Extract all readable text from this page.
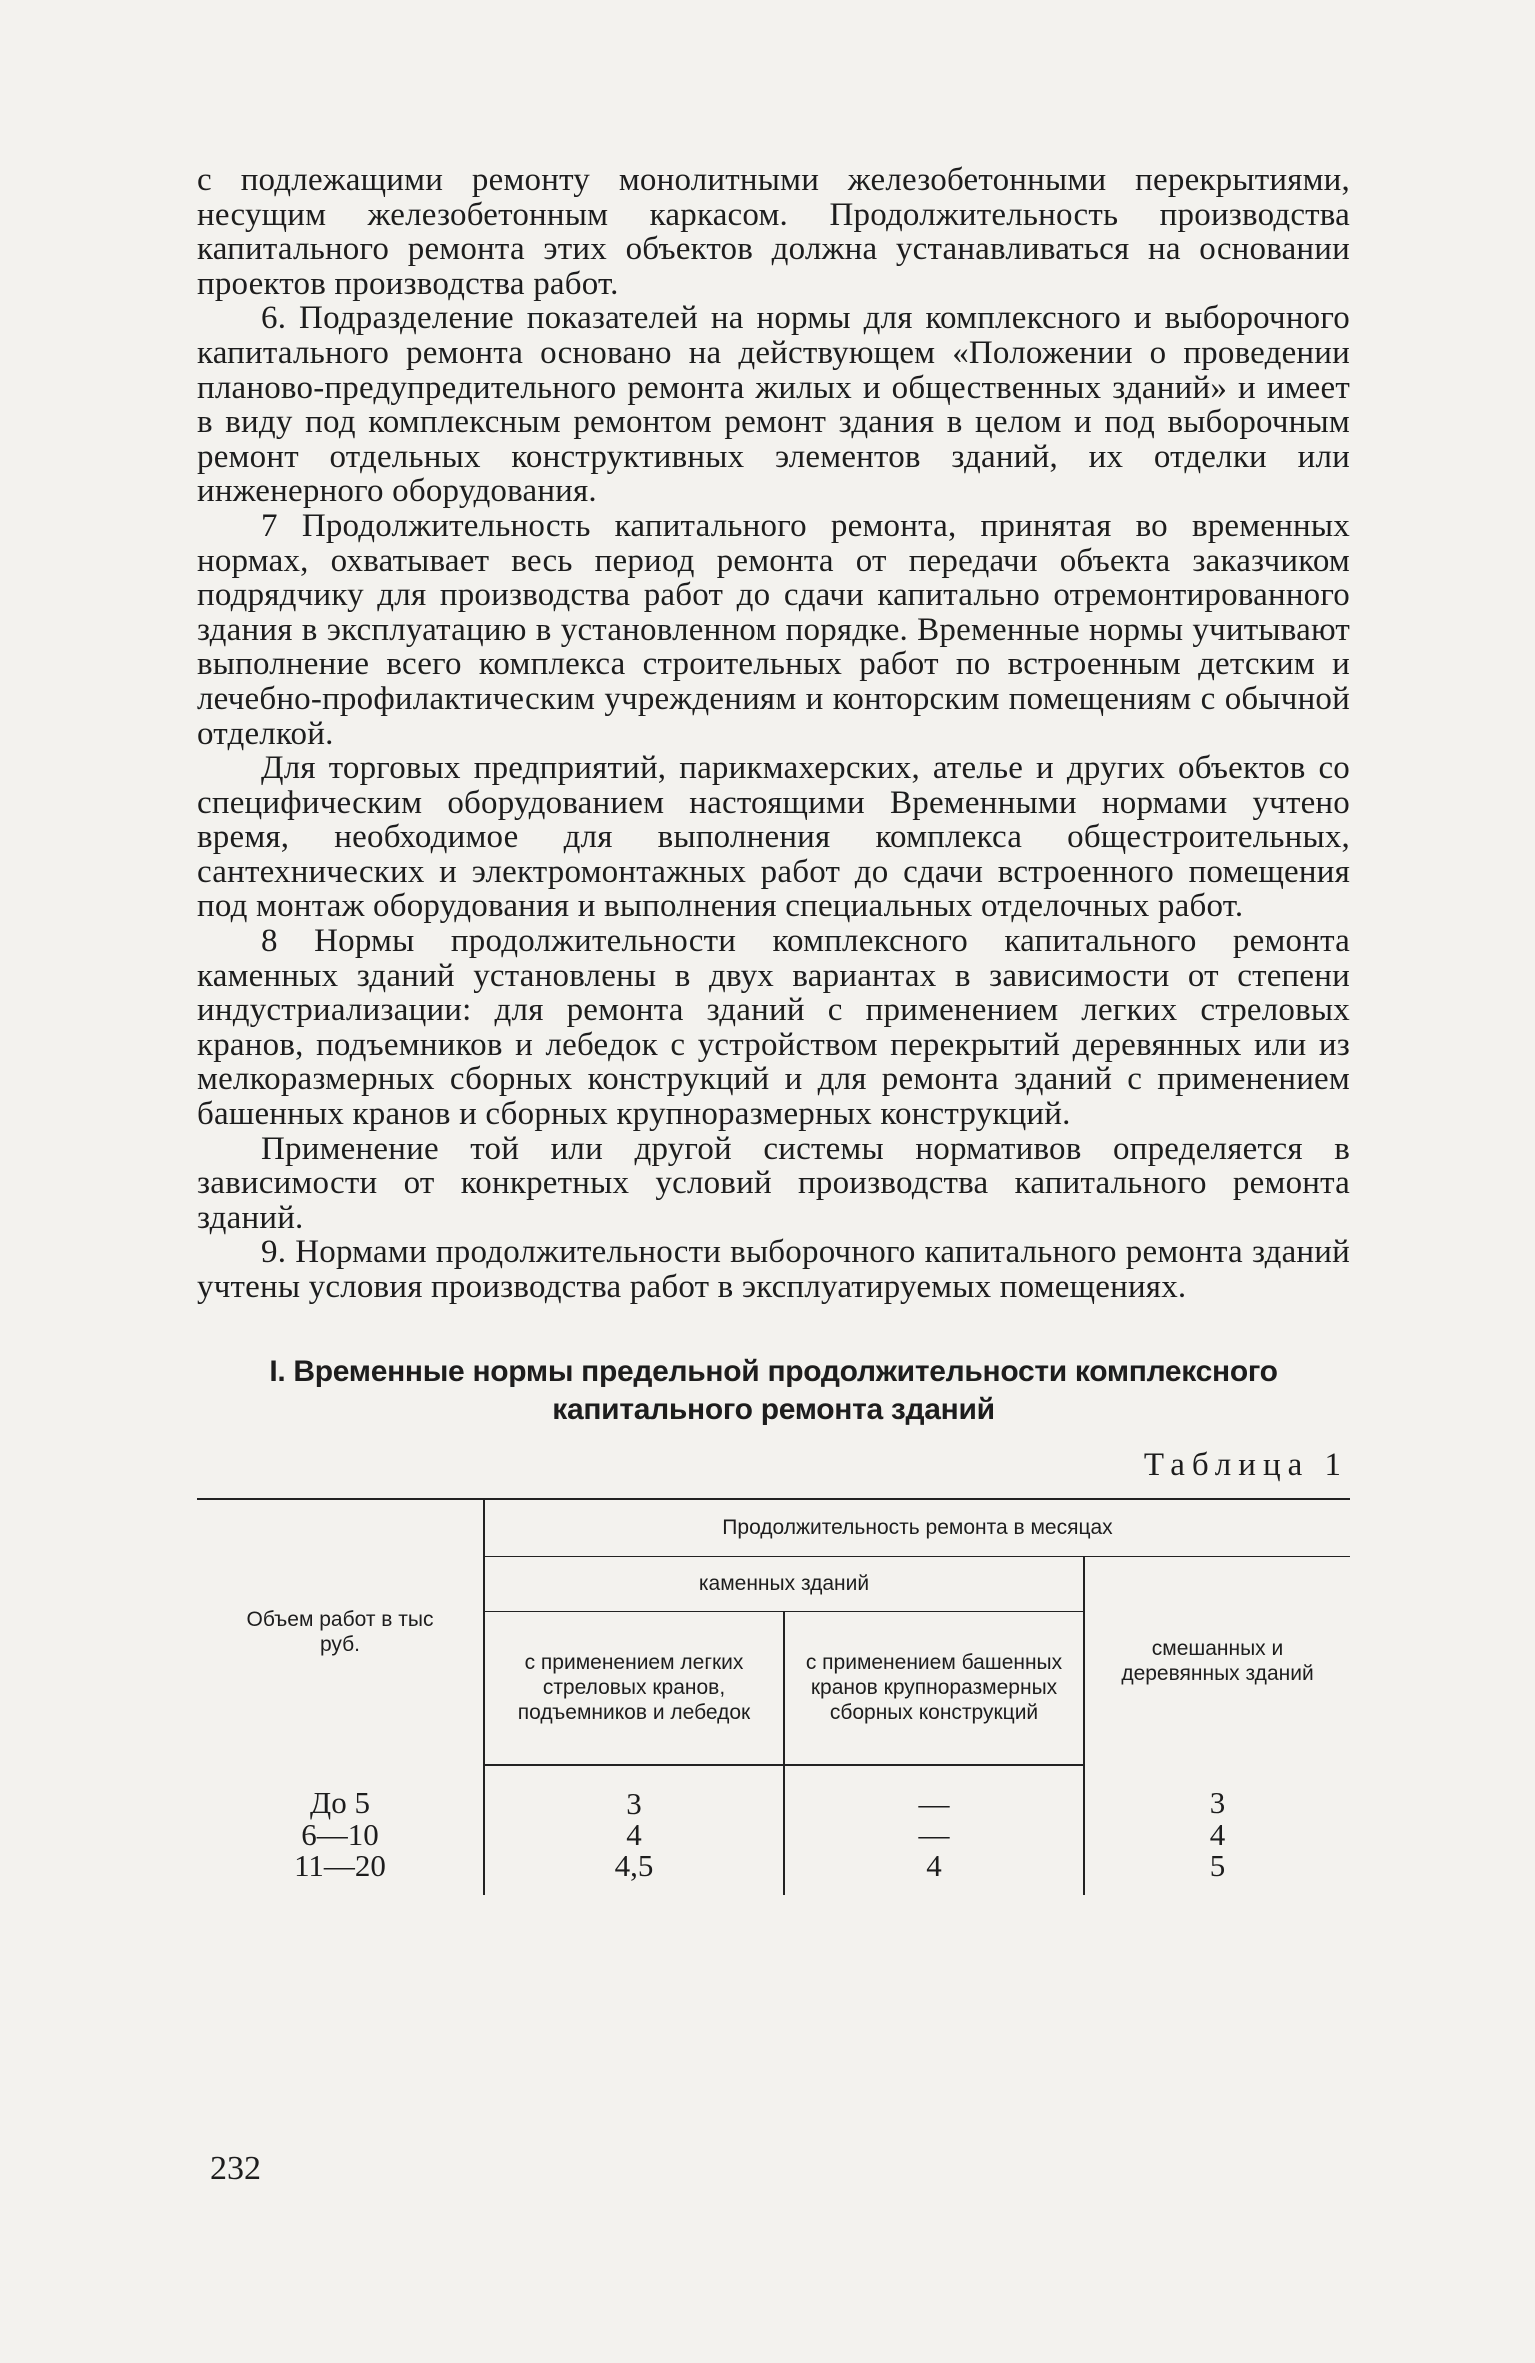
с подлежащими ремонту монолитными железобетонными перекрытиями, несущим железобетонным каркасом. Продолжительность производства капитального ремонта этих объектов должна устанавливаться на основании проектов производства работ.

6. Подразделение показателей на нормы для комплексного и выборочного капитального ремонта основано на действующем «Положении о проведении планово-предупредительного ремонта жилых и общественных зданий» и имеет в виду под комплексным ремонтом ремонт здания в целом и под выборочным ремонт отдельных конструктивных элементов зданий, их отделки или инженерного оборудования.

7 Продолжительность капитального ремонта, принятая во временных нормах, охватывает весь период ремонта от передачи объекта заказчиком подрядчику для производства работ до сдачи капитально отремонтированного здания в эксплуатацию в установленном порядке. Временные нормы учитывают выполнение всего комплекса строительных работ по встроенным детским и лечебно-профилактическим учреждениям и конторским помещениям с обычной отделкой.

Для торговых предприятий, парикмахерских, ателье и других объектов со специфическим оборудованием настоящими Временными нормами учтено время, необходимое для выполнения комплекса общестроительных, сантехнических и электромонтажных работ до сдачи встроенного помещения под монтаж оборудования и выполнения специальных отделочных работ.

8 Нормы продолжительности комплексного капитального ремонта каменных зданий установлены в двух вариантах в зависимости от степени индустриализации: для ремонта зданий с применением легких стреловых кранов, подъемников и лебедок с устройством перекрытий деревянных или из мелкоразмерных сборных конструкций и для ремонта зданий с применением башенных кранов и сборных крупноразмерных конструкций.

Применение той или другой системы нормативов определяется в зависимости от конкретных условий производства капитального ремонта зданий.

9. Нормами продолжительности выборочного капитального ремонта зданий учтены условия производства работ в эксплуатируемых помещениях.

I. Временные нормы предельной продолжительности комплексного
капитального ремонта зданий
Таблица 1
Объем работ в тыс руб.	Продолжительность ремонта в месяцах		
	каменных зданий		смешанных и деревянных зданий
	с применением легких стреловых кранов, подъемников и лебедок	с применением башенных кранов крупноразмерных сборных конструкций	
До 5	3	—	3
6—10	4	—	4
11—20	4,5	4	5
232
